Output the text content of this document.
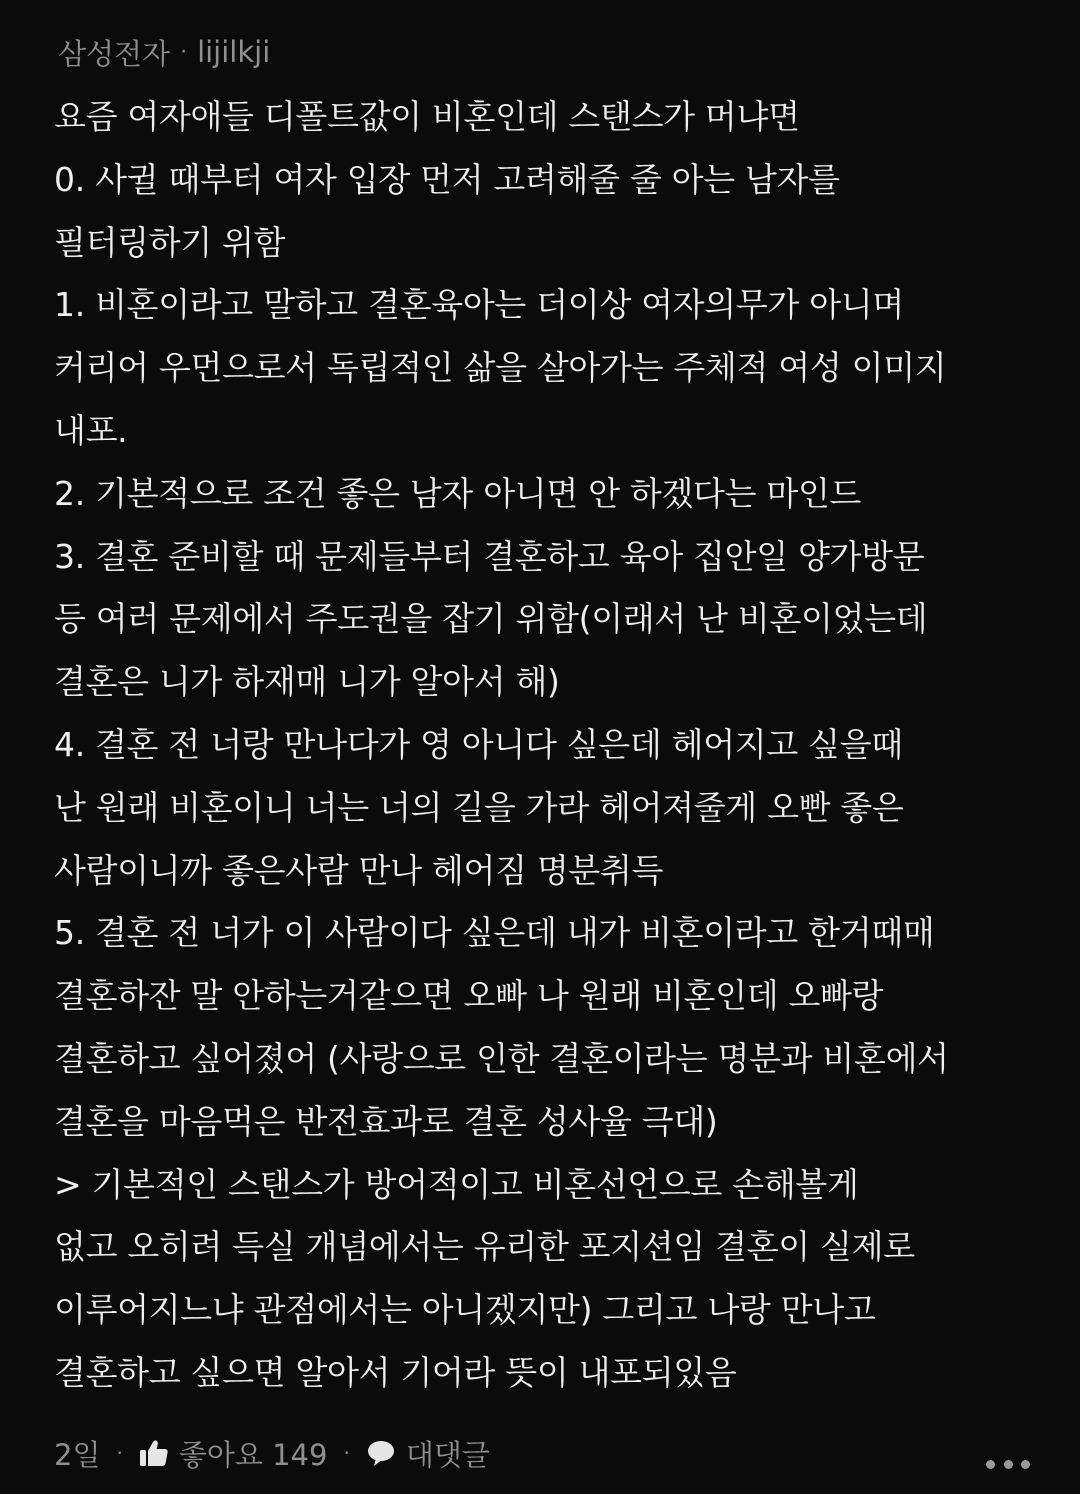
삼성전자 · lijilkji
요즘 여자애들 디폴트값이 비혼인데 스탠스가 머냐면
0. 사귈 때부터 여자 입장 먼저 고려해줄 줄 아는 남자를
필터링하기 위함
1. 비혼이라고 말하고 결혼육아는 더이상 여자의무가 아니며
커리어 우먼으로서 독립적인 삶을 살아가는 주체적 여성 이미지
내포.
2. 기본적으로 조건 좋은 남자 아니면 안 하겠다는 마인드
3. 결혼 준비할 때 문제들부터 결혼하고 육아 집안일 양가방문
등 여러 문제에서 주도권을 잡기 위함(이래서 난 비혼이었는데
결혼은 니가 하재매 니가 알아서 해)
4. 결혼 전 너랑 만나다가 영 아니다 싶은데 헤어지고 싶을때
난 원래 비혼이니 너는 너의 길을 가라 헤어져줄게 오빤 좋은
사람이니까 좋은사람 만나 헤어짐 명분취득
5. 결혼 전 너가 이 사람이다 싶은데 내가 비혼이라고 한거때매
결혼하잔 말 안하는거같으면 오빠 나 원래 비혼인데 오빠랑
결혼하고 싶어졌어 (사랑으로 인한 결혼이라는 명분과 비혼에서
결혼을 마음먹은 반전효과로 결혼 성사율 극대)
> 기본적인 스탠스가 방어적이고 비혼선언으로 손해볼게
없고 오히려 득실 개념에서는 유리한 포지션임 결혼이 실제로
이루어지느냐 관점에서는 아니겠지만) 그리고 나랑 만나고
결혼하고 싶으면 알아서 기어라 뜻이 내포되있음
2일 · 좋아요 149 · 대댓글
